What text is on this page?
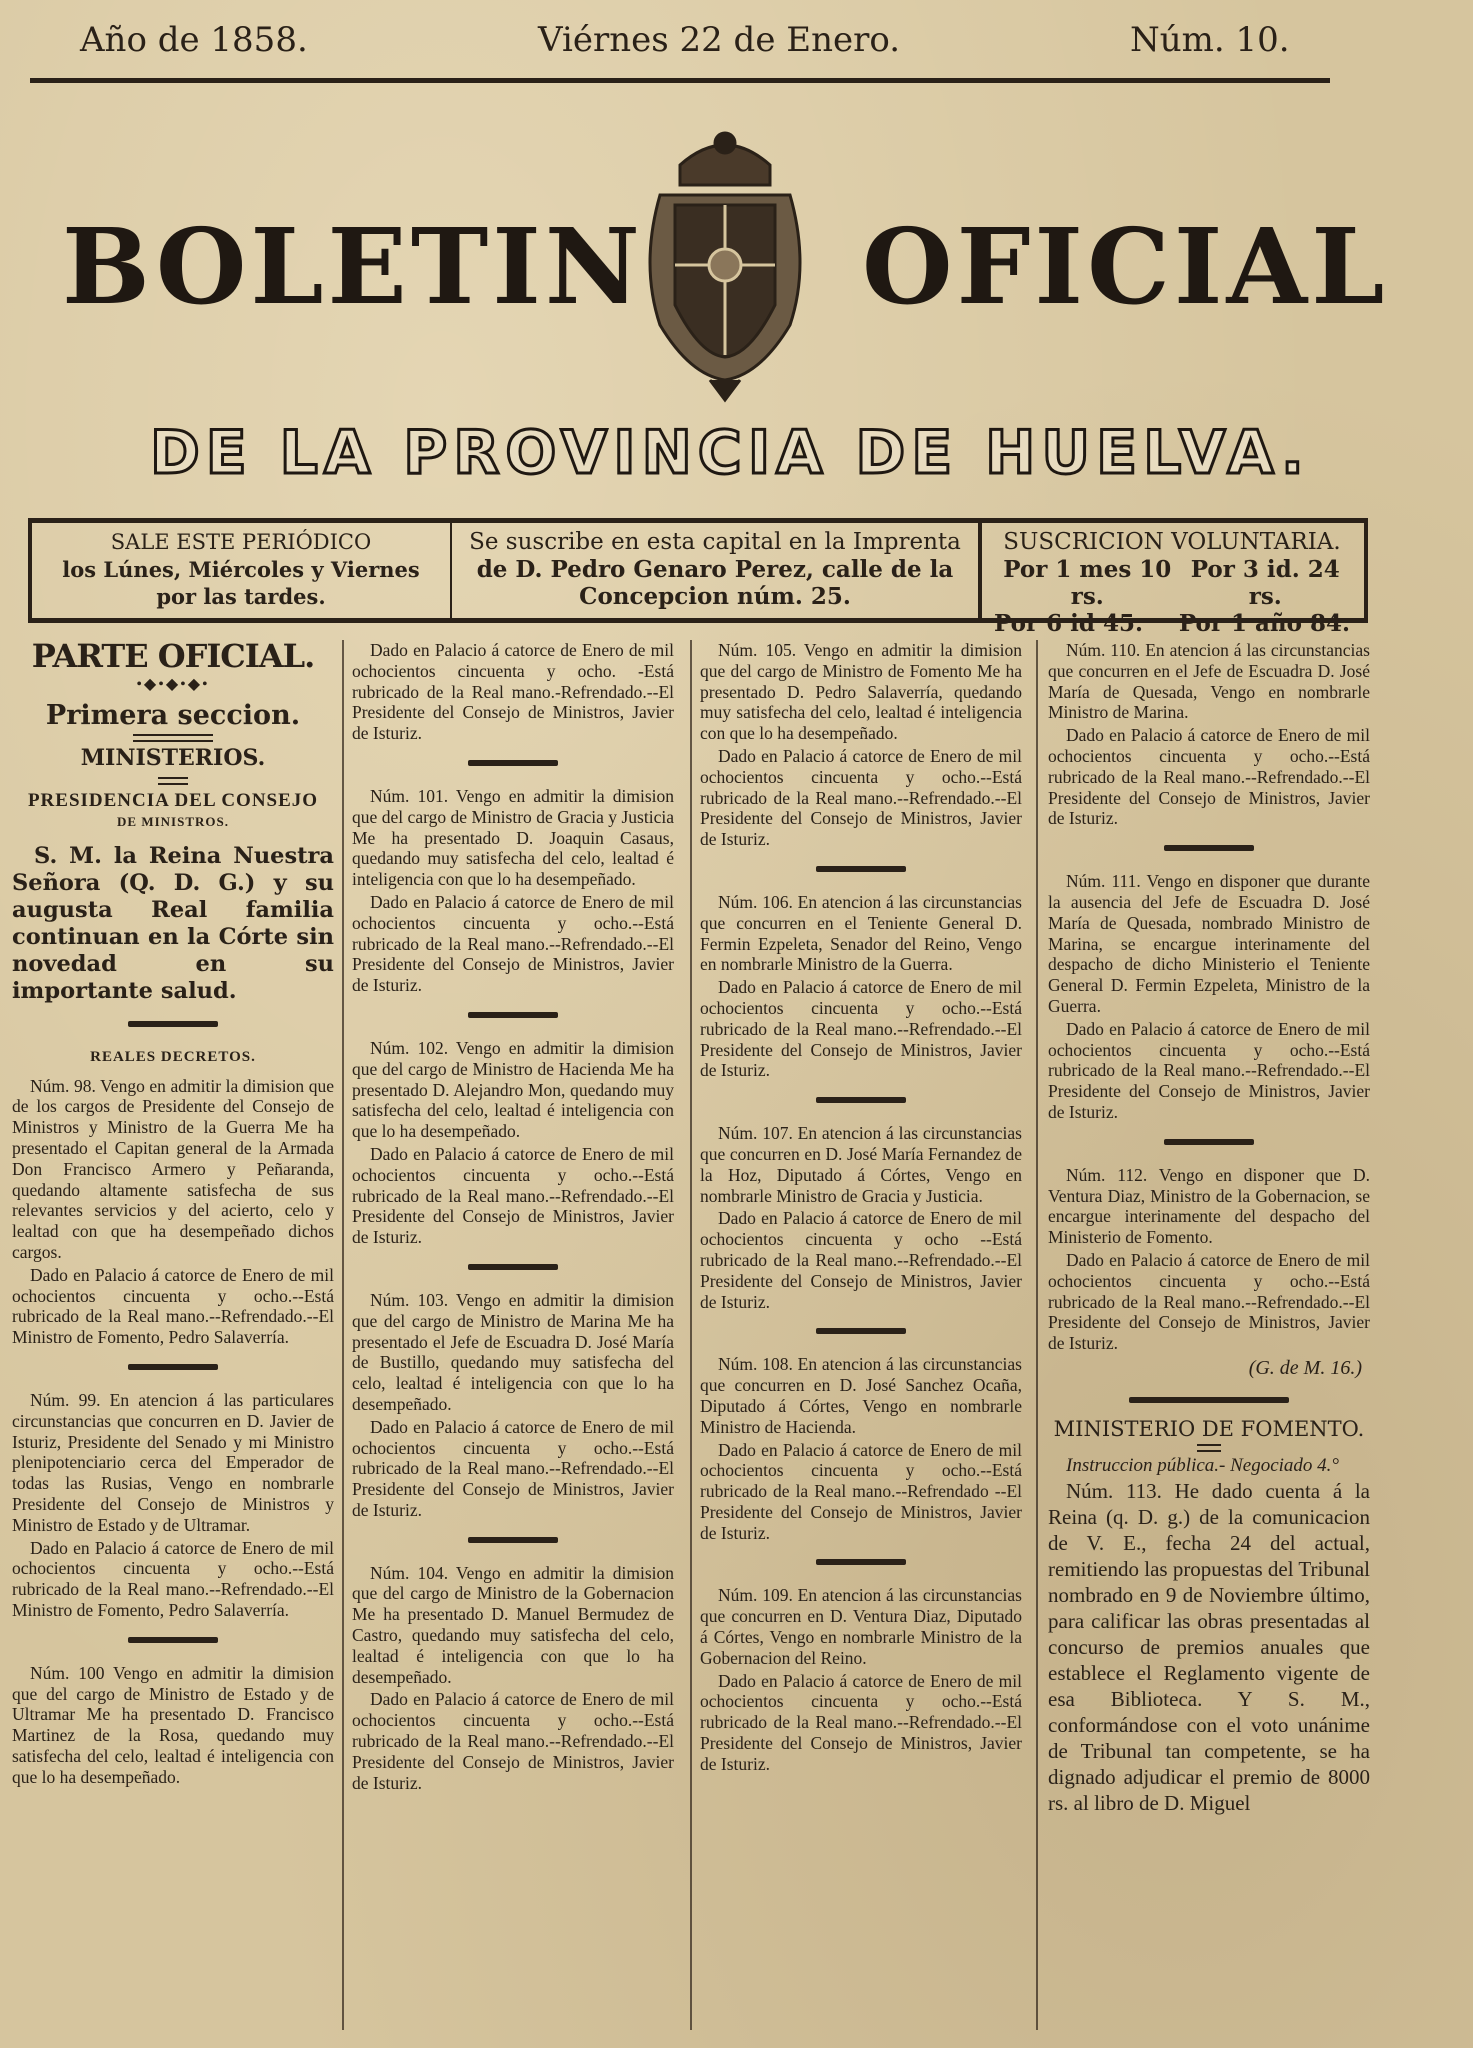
Año de 1858.	Viérnes 22 de Enero.	Núm. 10.
BOLETIN OFICIAL
DE LA PROVINCIA DE HUELVA.
SALE ESTE PERIÓDICO
los Lúnes, Miércoles y Viernes
por las tardes.
Se suscribe en esta capital en la Imprenta
de D. Pedro Genaro Perez, calle de la
Concepcion núm. 25.
SUSCRICION VOLUNTARIA.
Por 1 mes 10 rs.
Por 3 id. 24 rs.
Por 6 id 45. Por 1 año 84.
PARTE OFICIAL.
•◆•◆•◆•
Primera seccion.
MINISTERIOS.
PRESIDENCIA DEL CONSEJO
DE MINISTROS.
S. M. la Reina Nuestra Señora (Q. D. G.) y su augusta Real familia continuan en la Córte sin novedad en su importante salud.
REALES DECRETOS.

Núm. 98. Vengo en admitir la dimision que de los cargos de Presidente del Consejo de Ministros y Ministro de la Guerra Me ha presentado el Capitan general de la Armada Don Francisco Armero y Peñaranda, quedando altamente satisfecha de sus relevantes servicios y del acierto, celo y lealtad con que ha desempeñado dichos cargos.

Dado en Palacio á catorce de Enero de mil ochocientos cincuenta y ocho.--Está rubricado de la Real mano.--Refrendado.--El Ministro de Fomento, Pedro Salaverría.

Núm. 99. En atencion á las particulares circunstancias que concurren en D. Javier de Isturiz, Presidente del Senado y mi Ministro plenipotenciario cerca del Emperador de todas las Rusias, Vengo en nombrarle Presidente del Consejo de Ministros y Ministro de Estado y de Ultramar.

Dado en Palacio á catorce de Enero de mil ochocientos cincuenta y ocho.--Está rubricado de la Real mano.--Refrendado.--El Ministro de Fomento, Pedro Salaverría.

Núm. 100 Vengo en admitir la dimision que del cargo de Ministro de Estado y de Ultramar Me ha presentado D. Francisco Martinez de la Rosa, quedando muy satisfecha del celo, lealtad é inteligencia con que lo ha desempeñado.

Dado en Palacio á catorce de Enero de mil ochocientos cincuenta y ocho. -Está rubricado de la Real mano.-Refrendado.--El Presidente del Consejo de Ministros, Javier de Isturiz.

Núm. 101. Vengo en admitir la dimision que del cargo de Ministro de Gracia y Justicia Me ha presentado D. Joaquin Casaus, quedando muy satisfecha del celo, lealtad é inteligencia con que lo ha desempeñado.

Dado en Palacio á catorce de Enero de mil ochocientos cincuenta y ocho.--Está rubricado de la Real mano.--Refrendado.--El Presidente del Consejo de Ministros, Javier de Isturiz.

Núm. 102. Vengo en admitir la dimision que del cargo de Ministro de Hacienda Me ha presentado D. Alejandro Mon, quedando muy satisfecha del celo, lealtad é inteligencia con que lo ha desempeñado.

Dado en Palacio á catorce de Enero de mil ochocientos cincuenta y ocho.--Está rubricado de la Real mano.--Refrendado.--El Presidente del Consejo de Ministros, Javier de Isturiz.

Núm. 103. Vengo en admitir la dimision que del cargo de Ministro de Marina Me ha presentado el Jefe de Escuadra D. José María de Bustillo, quedando muy satisfecha del celo, lealtad é inteligencia con que lo ha desempeñado.

Dado en Palacio á catorce de Enero de mil ochocientos cincuenta y ocho.--Está rubricado de la Real mano.--Refrendado.--El Presidente del Consejo de Ministros, Javier de Isturiz.

Núm. 104. Vengo en admitir la dimision que del cargo de Ministro de la Gobernacion Me ha presentado D. Manuel Bermudez de Castro, quedando muy satisfecha del celo, lealtad é inteligencia con que lo ha desempeñado.

Dado en Palacio á catorce de Enero de mil ochocientos cincuenta y ocho.--Está rubricado de la Real mano.--Refrendado.--El Presidente del Consejo de Ministros, Javier de Isturiz.

Núm. 105. Vengo en admitir la dimision que del cargo de Ministro de Fomento Me ha presentado D. Pedro Salaverría, quedando muy satisfecha del celo, lealtad é inteligencia con que lo ha desempeñado.

Dado en Palacio á catorce de Enero de mil ochocientos cincuenta y ocho.--Está rubricado de la Real mano.--Refrendado.--El Presidente del Consejo de Ministros, Javier de Isturiz.

Núm. 106. En atencion á las circunstancias que concurren en el Teniente General D. Fermin Ezpeleta, Senador del Reino, Vengo en nombrarle Ministro de la Guerra.

Dado en Palacio á catorce de Enero de mil ochocientos cincuenta y ocho.--Está rubricado de la Real mano.--Refrendado.--El Presidente del Consejo de Ministros, Javier de Isturiz.

Núm. 107. En atencion á las circunstancias que concurren en D. José María Fernandez de la Hoz, Diputado á Córtes, Vengo en nombrarle Ministro de Gracia y Justicia.

Dado en Palacio á catorce de Enero de mil ochocientos cincuenta y ocho --Está rubricado de la Real mano.--Refrendado.--El Presidente del Consejo de Ministros, Javier de Isturiz.

Núm. 108. En atencion á las circunstancias que concurren en D. José Sanchez Ocaña, Diputado á Córtes, Vengo en nombrarle Ministro de Hacienda.

Dado en Palacio á catorce de Enero de mil ochocientos cincuenta y ocho.--Está rubricado de la Real mano.--Refrendado --El Presidente del Consejo de Ministros, Javier de Isturiz.

Núm. 109. En atencion á las circunstancias que concurren en D. Ventura Diaz, Diputado á Córtes, Vengo en nombrarle Ministro de la Gobernacion del Reino.

Dado en Palacio á catorce de Enero de mil ochocientos cincuenta y ocho.--Está rubricado de la Real mano.--Refrendado.--El Presidente del Consejo de Ministros, Javier de Isturiz.

Núm. 110. En atencion á las circunstancias que concurren en el Jefe de Escuadra D. José María de Quesada, Vengo en nombrarle Ministro de Marina.

Dado en Palacio á catorce de Enero de mil ochocientos cincuenta y ocho.--Está rubricado de la Real mano.--Refrendado.--El Presidente del Consejo de Ministros, Javier de Isturiz.

Núm. 111. Vengo en disponer que durante la ausencia del Jefe de Escuadra D. José María de Quesada, nombrado Ministro de Marina, se encargue interinamente del despacho de dicho Ministerio el Teniente General D. Fermin Ezpeleta, Ministro de la Guerra.

Dado en Palacio á catorce de Enero de mil ochocientos cincuenta y ocho.--Está rubricado de la Real mano.--Refrendado.--El Presidente del Consejo de Ministros, Javier de Isturiz.

Núm. 112. Vengo en disponer que D. Ventura Diaz, Ministro de la Gobernacion, se encargue interinamente del despacho del Ministerio de Fomento.

Dado en Palacio á catorce de Enero de mil ochocientos cincuenta y ocho.--Está rubricado de la Real mano.--Refrendado.--El Presidente del Consejo de Ministros, Javier de Isturiz.

(G. de M. 16.)
MINISTERIO DE FOMENTO.

Instruccion pública.- Negociado 4.°

Núm. 113. He dado cuenta á la Reina (q. D. g.) de la comunicacion de V. E., fecha 24 del actual, remitiendo las propuestas del Tribunal nombrado en 9 de Noviembre último, para calificar las obras presentadas al concurso de premios anuales que establece el Reglamento vigente de esa Biblioteca. Y S. M., conformándose con el voto unánime de Tribunal tan competente, se ha dignado adjudicar el premio de 8000 rs. al libro de D. Miguel
